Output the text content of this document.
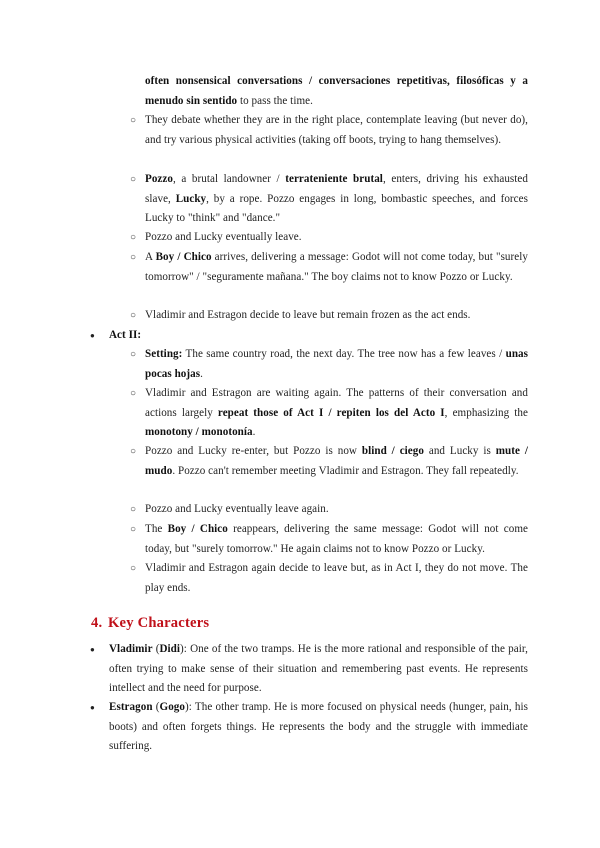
often nonsensical conversations / conversaciones repetitivas, filosóficas y a menudo sin sentido to pass the time.
○ They debate whether they are in the right place, contemplate leaving (but never do), and try various physical activities (taking off boots, trying to hang themselves).
○ Pozzo, a brutal landowner / terrateniente brutal, enters, driving his exhausted slave, Lucky, by a rope. Pozzo engages in long, bombastic speeches, and forces Lucky to "think" and "dance."
○ Pozzo and Lucky eventually leave.
○ A Boy / Chico arrives, delivering a message: Godot will not come today, but "surely tomorrow" / "seguramente mañana." The boy claims not to know Pozzo or Lucky.
○ Vladimir and Estragon decide to leave but remain frozen as the act ends.
● Act II:
○ Setting: The same country road, the next day. The tree now has a few leaves / unas pocas hojas.
○ Vladimir and Estragon are waiting again. The patterns of their conversation and actions largely repeat those of Act I / repiten los del Acto I, emphasizing the monotony / monotonía.
○ Pozzo and Lucky re-enter, but Pozzo is now blind / ciego and Lucky is mute / mudo. Pozzo can't remember meeting Vladimir and Estragon. They fall repeatedly.
○ Pozzo and Lucky eventually leave again.
○ The Boy / Chico reappears, delivering the same message: Godot will not come today, but "surely tomorrow." He again claims not to know Pozzo or Lucky.
○ Vladimir and Estragon again decide to leave but, as in Act I, they do not move. The play ends.
4. Key Characters
● Vladimir (Didi): One of the two tramps. He is the more rational and responsible of the pair, often trying to make sense of their situation and remembering past events. He represents intellect and the need for purpose.
● Estragon (Gogo): The other tramp. He is more focused on physical needs (hunger, pain, his boots) and often forgets things. He represents the body and the struggle with immediate suffering.
